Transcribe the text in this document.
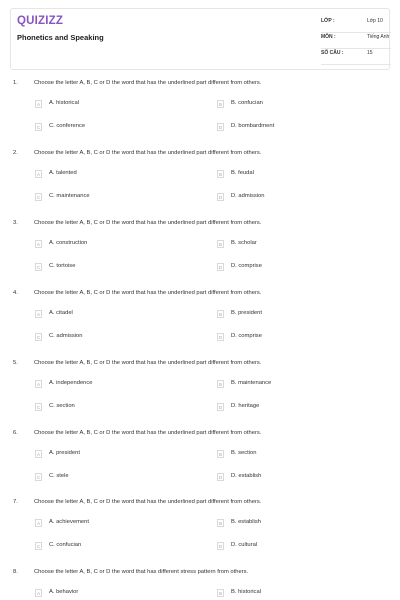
QUIZIZZ
Phonetics and Speaking
LỚP :	Lớp 10
MÔN :	Tiếng Anh
SỐ CÂU :	15
1.	Choose the letter A, B, C or D the word that has the underlined part different from others.
A	A. historical	B	B. confucian
C	C. conference	D	D. bombardment
2.	Choose the letter A, B, C or D the word that has the underlined part different from others.
A	A. talented	B	B. feudal
C	C. maintenance	D	D. admission
3.	Choose the letter A, B, C or D the word that has the underlined part different from others.
A	A. construction	B	B. scholar
C	C. tortoise	D	D. comprise
4.	Choose the letter A, B, C or D the word that has the underlined part different from others.
A	A. citadel	B	B. president
C	C. admission	D	D. comprise
5.	Choose the letter A, B, C or D the word that has the underlined part different from others.
A	A. independence	B	B. maintenance
C	C. section	D	D. heritage
6.	Choose the letter A, B, C or D the word that has the underlined part different from others.
A	A. president	B	B. section
C	C. stele	D	D. establish
7.	Choose the letter A, B, C or D the word that has the underlined part different from others.
A	A. achievement	B	B. establish
C	C. confucian	D	D. cultural
8.	Choose the letter A, B, C or D the word that has different stress pattern from others.
A	A. behavior	B	B. historical
